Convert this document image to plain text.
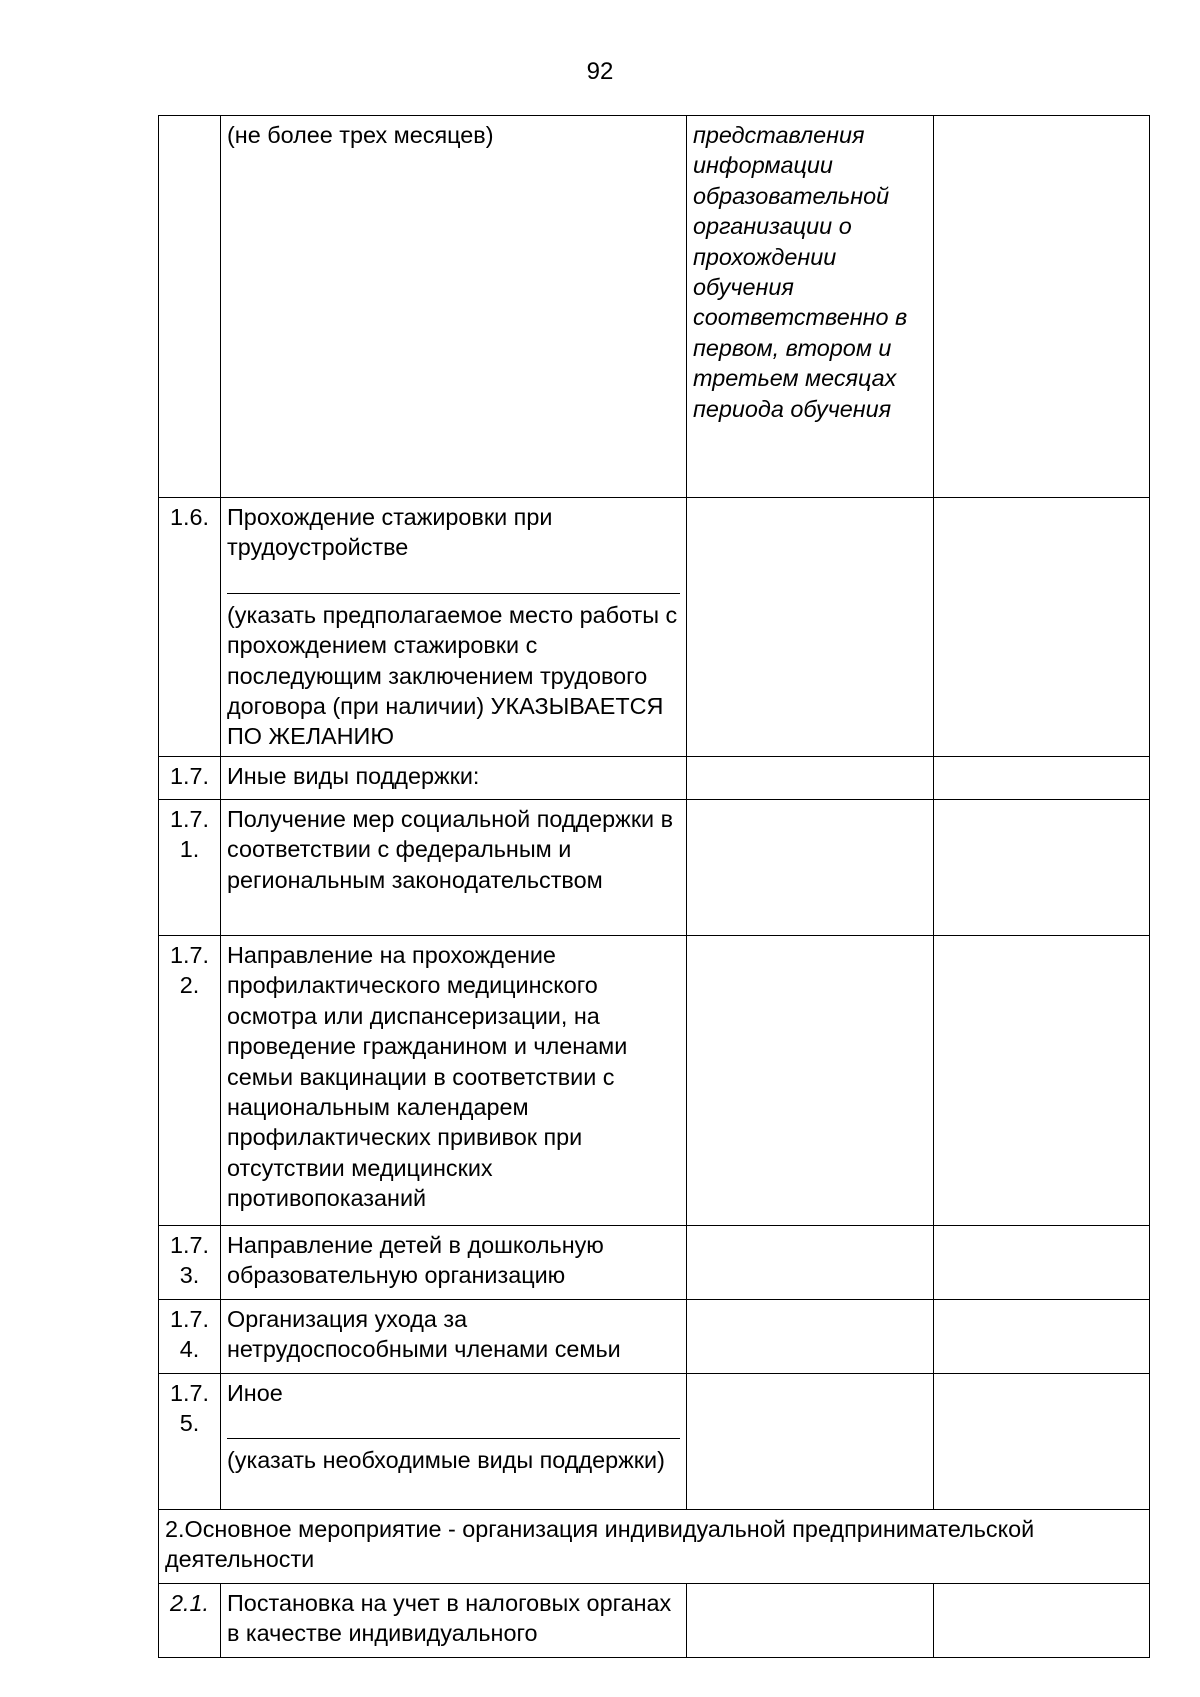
92
	(не более трех месяцев)	представления информации образовательной организации о прохождении обучения соответственно в первом, втором и третьем месяцах периода обучения	
1.6.	Прохождение стажировки при трудоустройстве
(указать предполагаемое место работы с прохождением стажировки с последующим заключением трудового договора (при наличии) УКАЗЫВАЕТСЯ ПО ЖЕЛАНИЮ		

1.7.	Иные виды поддержки:		
1.7. 1.	Получение мер социальной поддержки в соответствии с федеральным и региональным законодательством		
1.7. 2.	Направление на прохождение профилактического медицинского осмотра или диспансеризации, на проведение гражданином и членами семьи вакцинации в соответствии с национальным календарем профилактических прививок при отсутствии медицинских противопоказаний		
1.7. 3.	Направление детей в дошкольную образовательную организацию		
1.7. 4.	Организация ухода за нетрудоспособными членами семьи		
1.7. 5.	Иное
(указать необходимые виды поддержки)		

2.Основное мероприятие - организация индивидуальной предпринимательской деятельности			
2.1.	Постановка на учет в налоговых органах в качестве индивидуального		
